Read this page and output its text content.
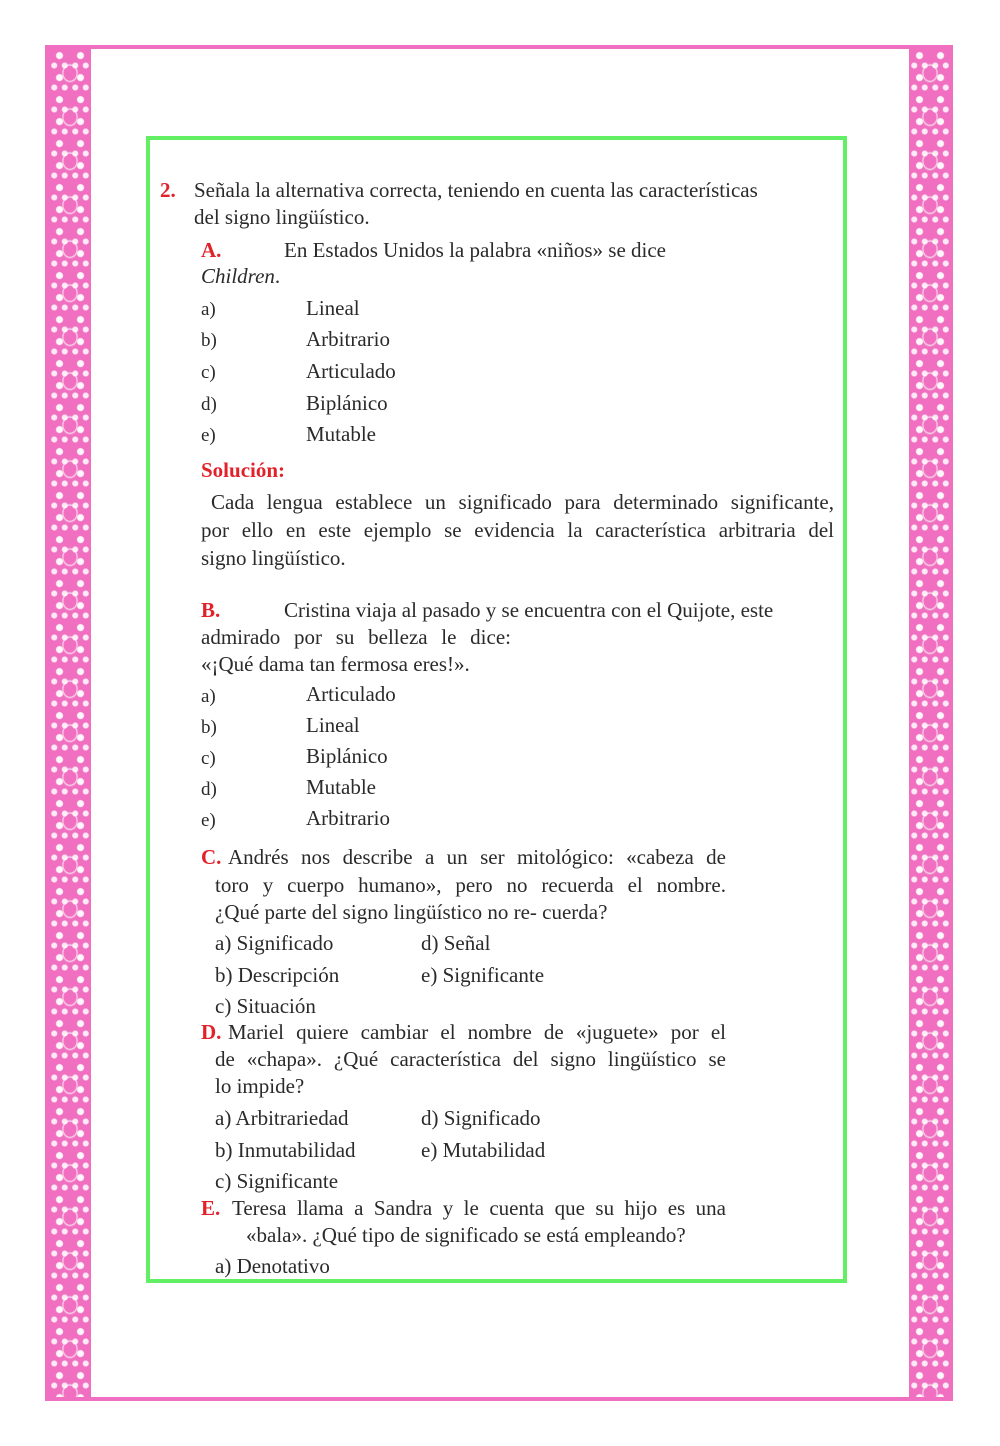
2. Señala la alternativa correcta, teniendo en cuenta las características
del signo lingüístico.
A.	En Estados Unidos la palabra «niños» se dice
Children.
a)	Lineal
b)	Arbitrario
c)	Articulado
d)	Biplánico
e)	Mutable
Solución:
Cada lengua establece un significado para determinado significante,
por ello en este ejemplo se evidencia la característica arbitraria del
signo lingüístico.
B.	Cristina viaja al pasado y se encuentra con el Quijote, este
admirado por su belleza le dice:
«¡Qué dama tan fermosa eres!».
a)	Articulado
b)	Lineal
c)	Biplánico
d)	Mutable
e)	Arbitrario
C. Andrés nos describe a un ser mitológico: «cabeza de
toro y cuerpo humano», pero no recuerda el nombre.
¿Qué parte del signo lingüístico no re- cuerda?
a) Significado	d) Señal
b) Descripción	e) Significante
c) Situación
D. Mariel quiere cambiar el nombre de «juguete» por el
de «chapa». ¿Qué característica del signo lingüístico se
lo impide?
a) Arbitrariedad	d) Significado
b) Inmutabilidad	e) Mutabilidad
c) Significante
E. Teresa llama a Sandra y le cuenta que su hijo es una
«bala». ¿Qué tipo de significado se está empleando?
a) Denotativo
